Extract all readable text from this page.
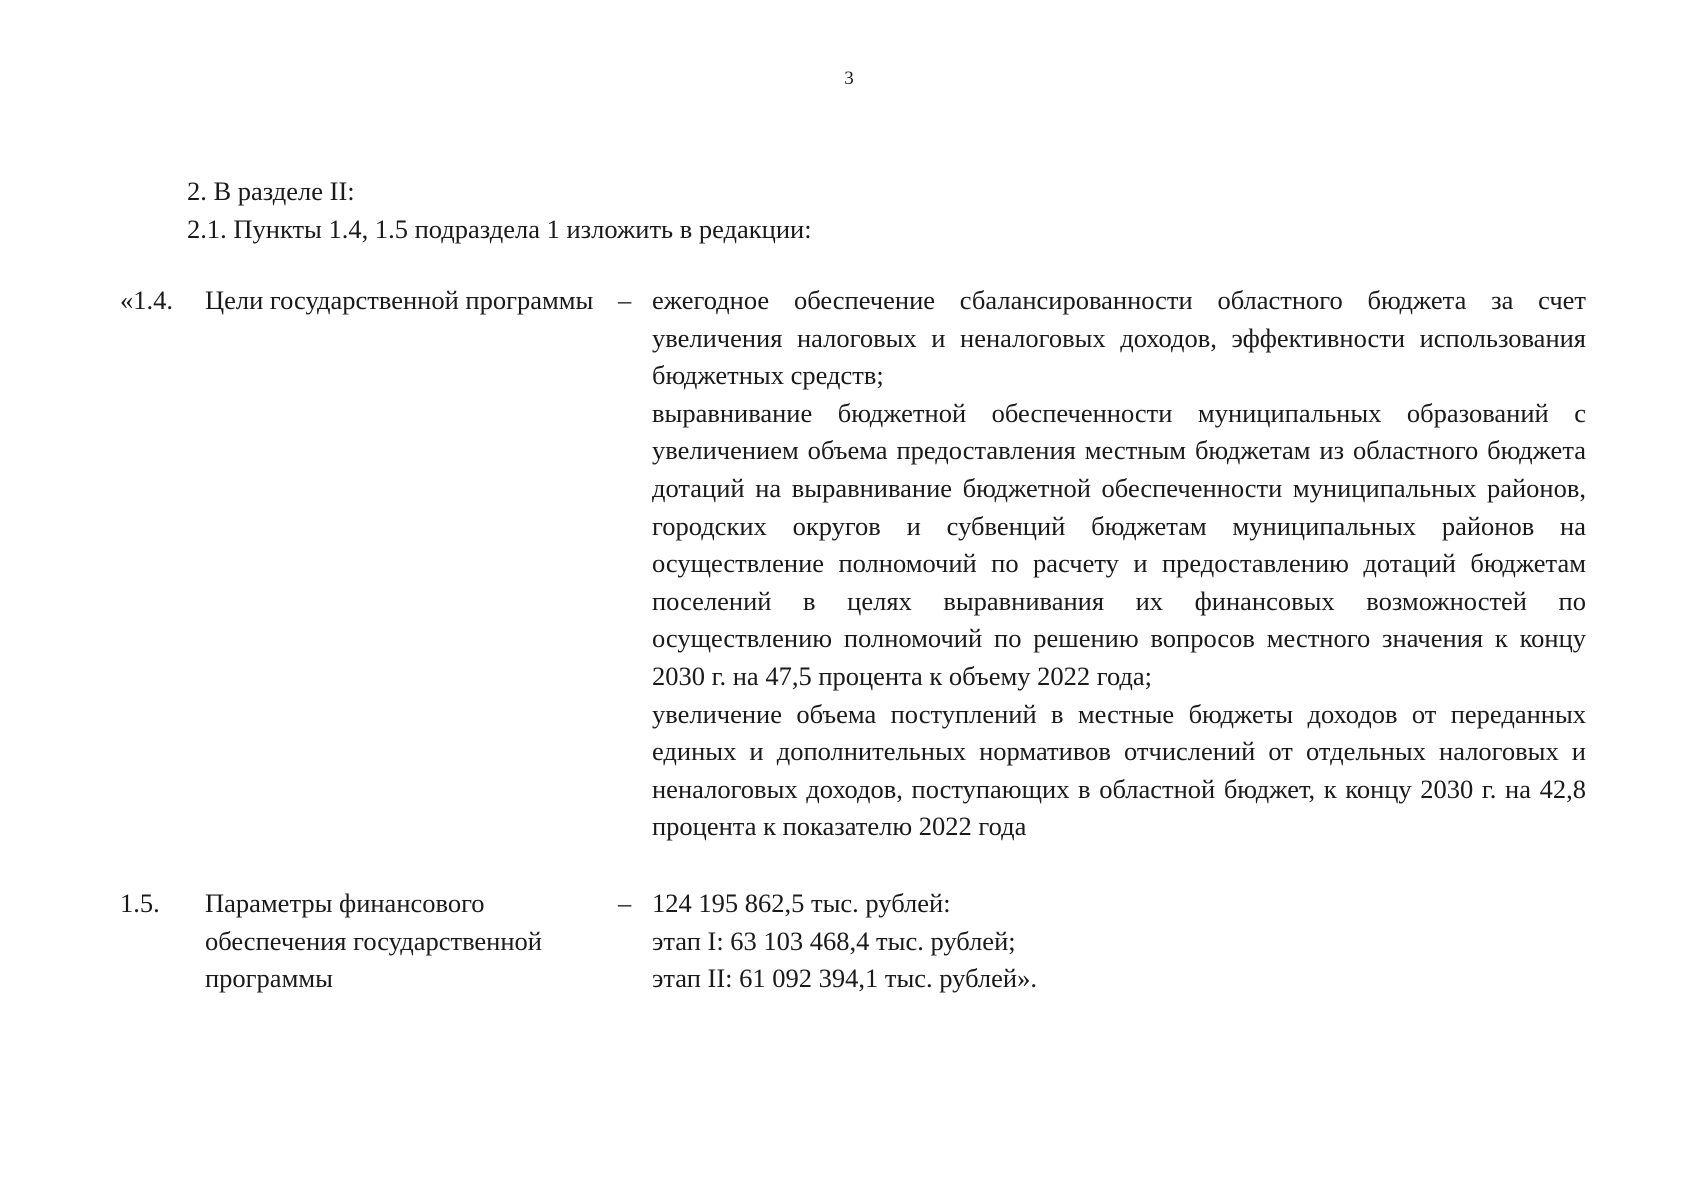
3
2. В разделе II:
2.1. Пункты 1.4, 1.5 подраздела 1 изложить в редакции:
«1.4. Цели государственной программы – ежегодное обеспечение сбалансированности областного бюджета за счет увеличения налоговых и неналоговых доходов, эффективности использования бюджетных средств;

выравнивание бюджетной обеспеченности муниципальных образований с увеличением объема предоставления местным бюджетам из областного бюджета дотаций на выравнивание бюджетной обеспеченности муниципальных районов, городских округов и субвенций бюджетам муниципальных районов на осуществление полномочий по расчету и предоставлению дотаций бюджетам поселений в целях выравнивания их финансовых возможностей по осуществлению полномочий по решению вопросов местного значения к концу 2030 г. на 47,5 процента к объему 2022 года;

увеличение объема поступлений в местные бюджеты доходов от переданных единых и дополнительных нормативов отчислений от отдельных налоговых и неналоговых доходов, поступающих в областной бюджет, к концу 2030 г. на 42,8 процента к показателю 2022 года

1.5. Параметры финансового обеспечения государственной программы
– 124 195 862,5 тыс. рублей:

этап I: 63 103 468,4 тыс. рублей;

этап II: 61 092 394,1 тыс. рублей».
